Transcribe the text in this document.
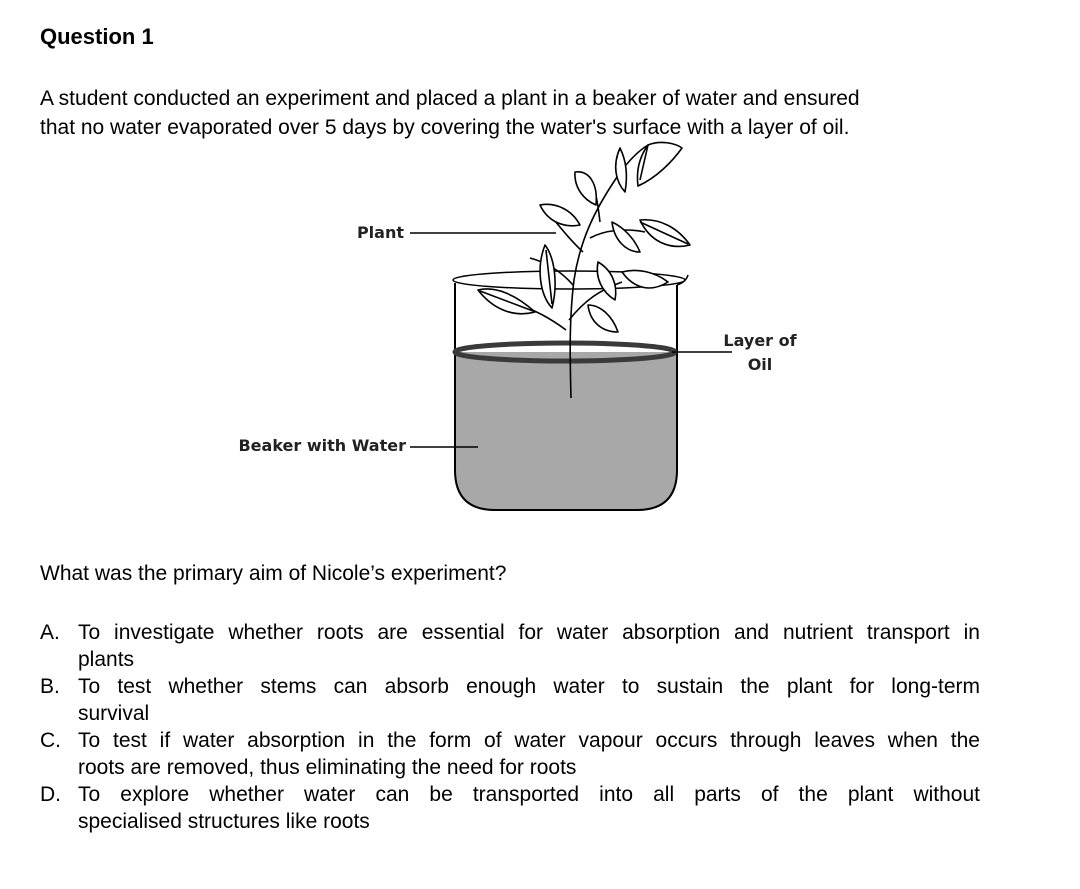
Question 1
A student conducted an experiment and placed a plant in a beaker of water and ensured
that no water evaporated over 5 days by covering the water's surface with a layer of oil.
Plant
Beaker with Water
Layer of
Oil
What was the primary aim of Nicole’s experiment?
A. To investigate whether roots are essential for water absorption and nutrient transport in
plants
B. To test whether stems can absorb enough water to sustain the plant for long-term
survival
C. To test if water absorption in the form of water vapour occurs through leaves when the
roots are removed, thus eliminating the need for roots
D. To explore whether water can be transported into all parts of the plant without
specialised structures like roots
